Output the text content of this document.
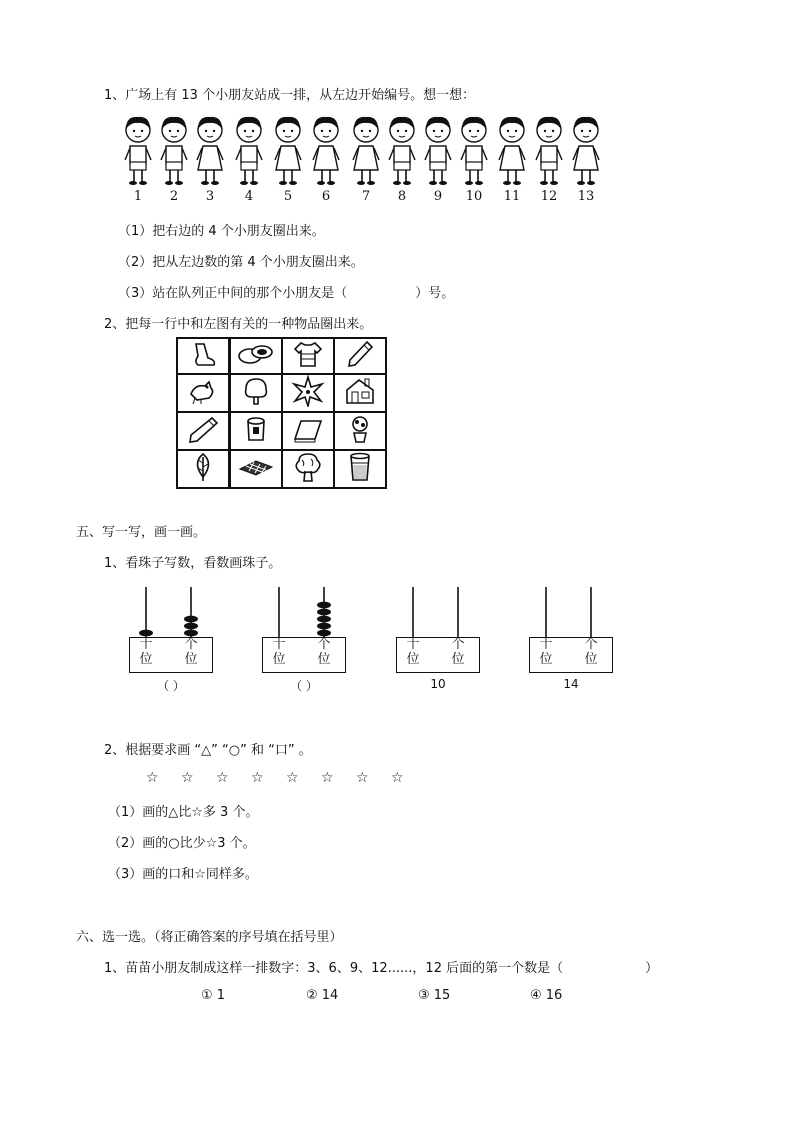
1、广场上有 13 个小朋友站成一排，从左边开始编号。想一想：
1	2	3	4	5	6	7	8	9	10	11	12	13
（1）把右边的 4 个小朋友圈出来。
（2）把从左边数的第 4 个小朋友圈出来。
（3）站在队列正中间的那个小朋友是（	）号。
2、把每一行中和左图有关的一种物品圈出来。

五、写一写，画一画。
1、看珠子写数，看数画珠子。
十
位
个
位
（ ）
十
位
个
位
（ ）
十
位
个
位
10
十
位
个
位
14
2、根据要求画 “△” “○” 和 “口” 。
☆ ☆ ☆ ☆ ☆ ☆ ☆ ☆
（1）画的△比☆多 3 个。
（2）画的○比少☆3 个。
（3）画的口和☆同样多。
六、选一选。（将正确答案的序号填在括号里）
1、苗苗小朋友制成这样一排数字：3、6、9、12......，12 后面的第一个数是（	）
① 1	② 14	③ 15	④ 16
